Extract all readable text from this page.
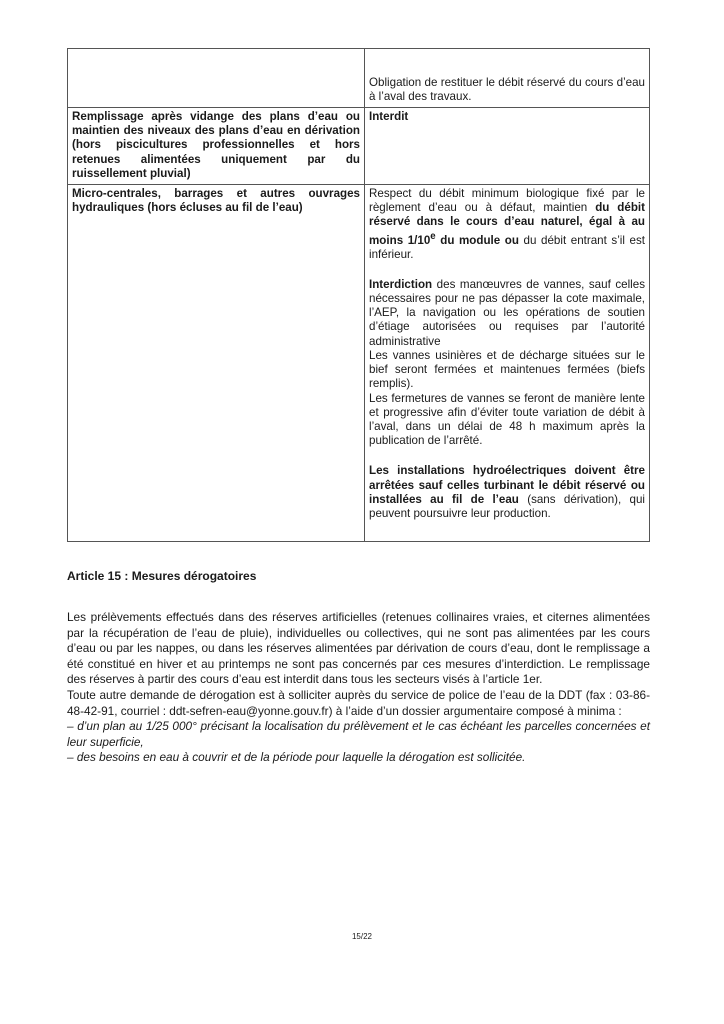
	Obligation de restituer le débit réservé du cours d’eau à l’aval des travaux.

Remplissage après vidange des plans d’eau ou maintien des niveaux des plans d’eau en dérivation (hors piscicultures professionnelles et hors retenues alimentées uniquement par du ruissellement pluvial)	Interdit
Micro-centrales, barrages et autres ouvrages hydrauliques (hors écluses au fil de l’eau)	Respect du débit minimum biologique fixé par le règlement d’eau ou à défaut, maintien du débit réservé dans le cours d’eau naturel, égal à au moins 1/10e du module ou du débit entrant s’il est inférieur.

Interdiction des manœuvres de vannes, sauf celles nécessaires pour ne pas dépasser la cote maximale, l’AEP, la navigation ou les opérations de soutien d’étiage autorisées ou requises par l’autorité administrative

Les vannes usinières et de décharge situées sur le bief seront fermées et maintenues fermées (biefs remplis).

Les fermetures de vannes se feront de manière lente et progressive afin d’éviter toute variation de débit à l’aval, dans un délai de 48 h maximum après la publication de l’arrêté.

Les installations hydroélectriques doivent être arrêtées sauf celles turbinant le débit réservé ou installées au fil de l’eau (sans dérivation), qui peuvent poursuivre leur production.

Article 15 : Mesures dérogatoires

Les prélèvements effectués dans des réserves artificielles (retenues collinaires vraies, et citernes alimentées par la récupération de l’eau de pluie), individuelles ou collectives, qui ne sont pas alimentées par les cours d’eau ou par les nappes, ou dans les réserves alimentées par dérivation de cours d’eau, dont le remplissage a été constitué en hiver et au printemps ne sont pas concernés par ces mesures d’interdiction. Le remplissage des réserves à partir des cours d’eau est interdit dans tous les secteurs visés à l’article 1er.

Toute autre demande de dérogation est à solliciter auprès du service de police de l’eau de la DDT (fax : 03-86-48-42-91, courriel : ddt-sefren-eau@yonne.gouv.fr) à l’aide d’un dossier argumentaire composé à minima :

– d’un plan au 1/25 000° précisant la localisation du prélèvement et le cas échéant les parcelles concernées et leur superficie,

– des besoins en eau à couvrir et de la période pour laquelle la dérogation est sollicitée.

15/22
